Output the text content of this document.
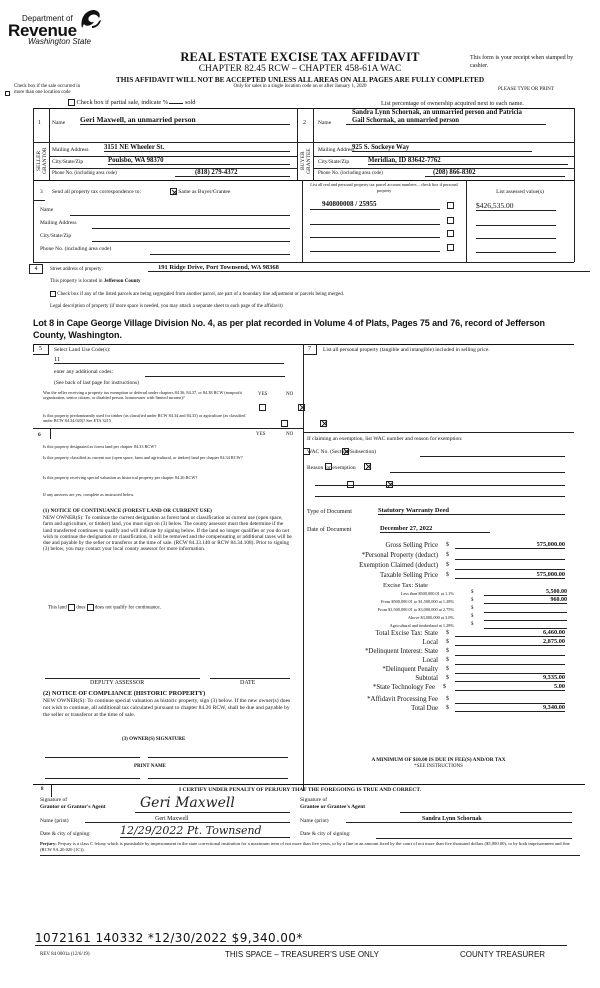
Department of
Revenue
Washington State
REAL ESTATE EXCISE TAX AFFIDAVIT
CHAPTER 82.45 RCW – CHAPTER 458-61A WAC
THIS AFFIDAVIT WILL NOT BE ACCEPTED UNLESS ALL AREAS ON ALL PAGES ARE FULLY COMPLETED
Only for sales in a single location code on or after January 1, 2020
This form is your receipt when stamped by cashier.
PLEASE TYPE OR PRINT
Check box if the sale occurred in more than one location code
Check box if partial sale, indicate %	sold	List percentage of ownership acquired next to each name.
1
SELLER GRANTOR
Name Geri Maxwell, an unmarried person
Mailing Address 3151 NE Wheeler St.
City/State/Zip	Poulsbo, WA 98370
Phone No. (including area code)	(818) 279-4372
2
BUYER GRANTEE
Name
Sandra Lynn Schornak, an unmarried person and Patricia
Gail Schornak, an unmarried person
Mailing Address
925 S. Sockeye Way
City/State/Zip	Meridian, ID 83642-7762
Phone No. (including area code)	(208) 866-8302
3 Send all property tax correspondence to:	Same as Buyer/Grantee
Name
Mailing Address
City/State/Zip
Phone No. (including area code)
List all real and personal property tax parcel account numbers – check box if personal property	List assessed value(s)
940800008 / 25955	$426,535.00
4	Street address of property:	191 Ridge Drive, Port Townsend, WA 98368
This property is located in Jefferson County
Check box if any of the listed parcels are being segregated from another parcel, are part of a boundary line adjustment or parcels being merged.
Legal description of property (if more space is needed, you may attach a separate sheet to each page of the affidavit)
Lot 8 in Cape George Village Division No. 4, as per plat recorded in Volume 4 of Plats, Pages 75 and 76, record of Jefferson
County, Washington.
5	Select Land Use Code(s):
11
enter any additional codes:
(See back of last page for instructions)
YES	NO
Was the seller receiving a property tax exemption or deferral under chapters 84.36, 84.37, or 84.38 RCW (nonprofit organization, senior citizen, or disabled person, homeowner with limited income)?

Is this property predominantly used for timber (as classified under RCW 84.34 and 84.33) or agriculture (as classified under RCW 84.34.020)? See ETA 3215

6	YES	NO
Is this property designated as forest land per chapter 84.33 RCW?

Is this property classified as current use (open space, farm and agricultural, or timber) land per chapter 84.34 RCW?

Is this property receiving special valuation as historical property per chapter 84.26 RCW?

If any answers are yes, complete as instructed below.
(1) NOTICE OF CONTINUANCE (FOREST LAND OR CURRENT USE)
NEW OWNER(S): To continue the current designation as forest land or classification as current use (open space, farm and agriculture, or timber) land, you must sign on (3) below. The county assessor must then determine if the land transferred continues to qualify and will indicate by signing below. If the land no longer qualifies or you do not wish to continue the designation or classification, it will be removed and the compensating or additional taxes will be due and payable by the seller or transferor at the time of sale. (RCW 84.33.140 or RCW 84.34.108). Prior to signing (3) below, you may contact your local county assessor for more information.
This land does does not qualify for continuance.
DEPUTY ASSESSOR	DATE
(2) NOTICE OF COMPLIANCE (HISTORIC PROPERTY)
NEW OWNER(S): To continue special valuation as historic property, sign (3) below. If the new owner(s) does not wish to continue, all additional tax calculated pursuant to chapter 84.26 RCW, shall be due and payable by the seller or transferor at the time of sale.
(3) OWNER(S) SIGNATURE
PRINT NAME
7	List all personal property (tangible and intangible) included in selling price.
If claiming an exemption, list WAC number and reason for exemption:
WAC No. (Section/Subsection)
Reason for exemption
Type of Document	Statutory Warranty Deed
Date of Document	December 27, 2022
Gross Selling Price $	575,000.00
*Personal Property (deduct) $
Exemption Claimed (deduct) $
Taxable Selling Price $	575,000.00
Excise Tax: State
Less than $500,000.01 at 1.1%	$	5,500.00
From $500,000.01 to $1,500,000 at 1.28%	$	960.00
From $1,500,000.01 to $3,000,000 at 2.75%	$
Above $3,000,000 at 3.0%	$
Agricultural and timberland at 1.28%	$
Total Excise Tax: State $	6,460.00
Local $	2,875.00
*Delinquent Interest: State $
Local $
*Delinquent Penalty $
Subtotal $	9,335.00
*State Technology Fee $	5.00
*Affidavit Processing Fee $
Total Due $	9,340.00
A MINIMUM OF $10.00 IS DUE IN FEE(S) AND/OR TAX
*SEE INSTRUCTIONS
8	I CERTIFY UNDER PENALTY OF PERJURY THAT THE FOREGOING IS TRUE AND CORRECT.
Signature of
Grantor or Grantor's Agent Geri Maxwell
Name (print)	Geri Maxwell
Date & city of signing:	12/29/2022 Pt. Townsend
Signature of
Grantee or Grantee's Agent
Name (print)	Sandra Lynn Schornak
Date & city of signing:
Perjury: Perjury is a class C felony which is punishable by imprisonment in the state correctional institution for a maximum term of not more than five years, or by a fine in an amount fixed by the court of not more than five thousand dollars ($5,000.00), or by both imprisonment and fine (RCW 9A.20.020 (1C)).
1072161 140332 *12/30/2022 $9,340.00*
REV 84 0001a (12/6/19)	THIS SPACE – TREASURER'S USE ONLY	COUNTY TREASURER
